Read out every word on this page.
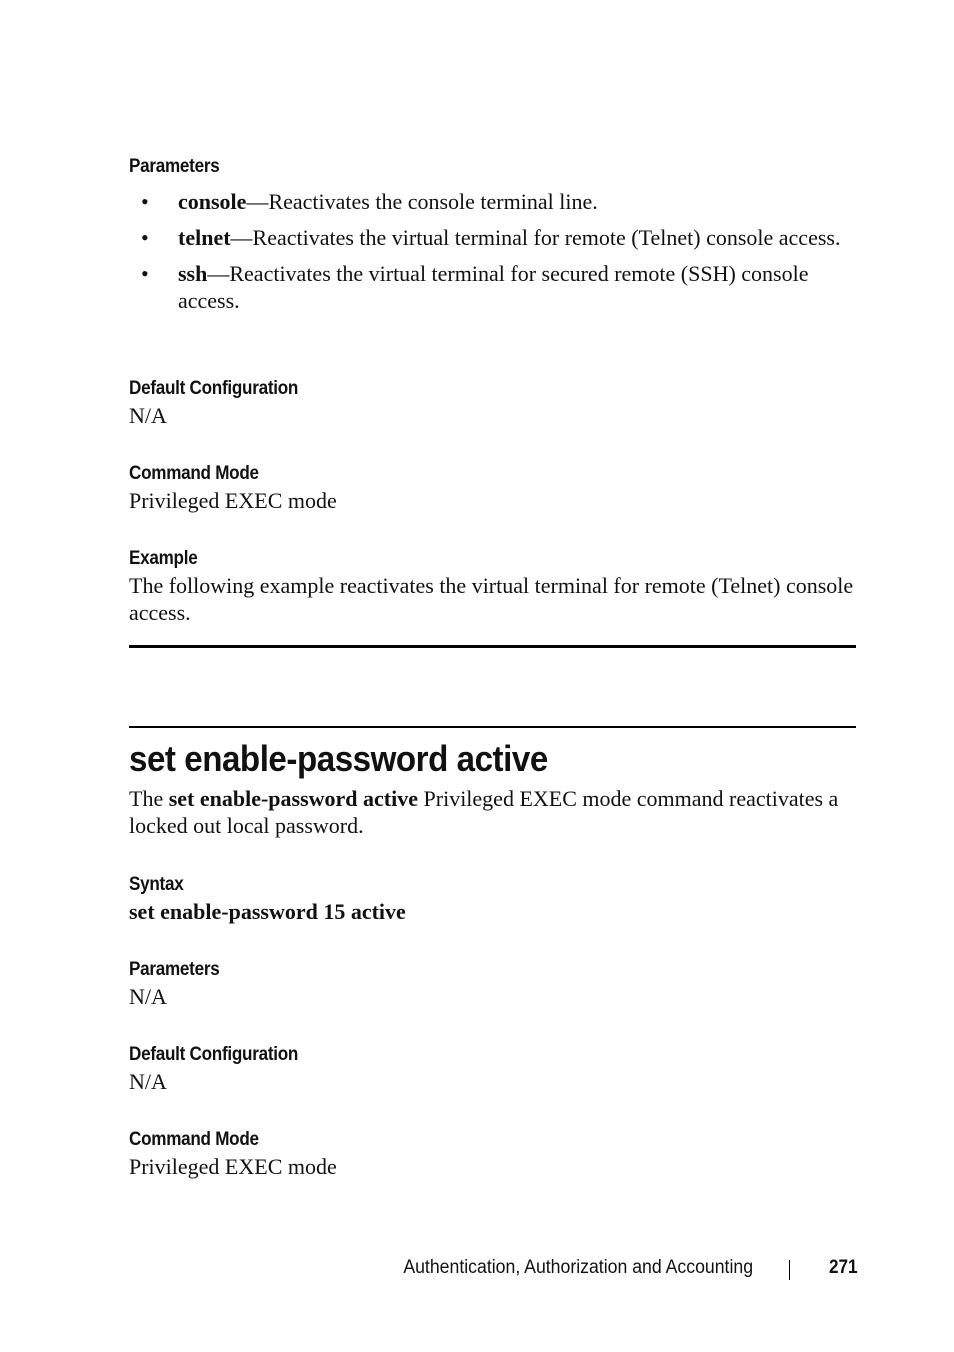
Parameters
• console—Reactivates the console terminal line.
• telnet—Reactivates the virtual terminal for remote (Telnet) console access.
• ssh—Reactivates the virtual terminal for secured remote (SSH) console access.
Default Configuration
N/A
Command Mode
Privileged EXEC mode
Example
The following example reactivates the virtual terminal for remote (Telnet) console access.
set enable-password active
The set enable-password active Privileged EXEC mode command reactivates a locked out local password.
Syntax
set enable-password 15 active
Parameters
N/A
Default Configuration
N/A
Command Mode
Privileged EXEC mode
Authentication, Authorization and Accounting	271
